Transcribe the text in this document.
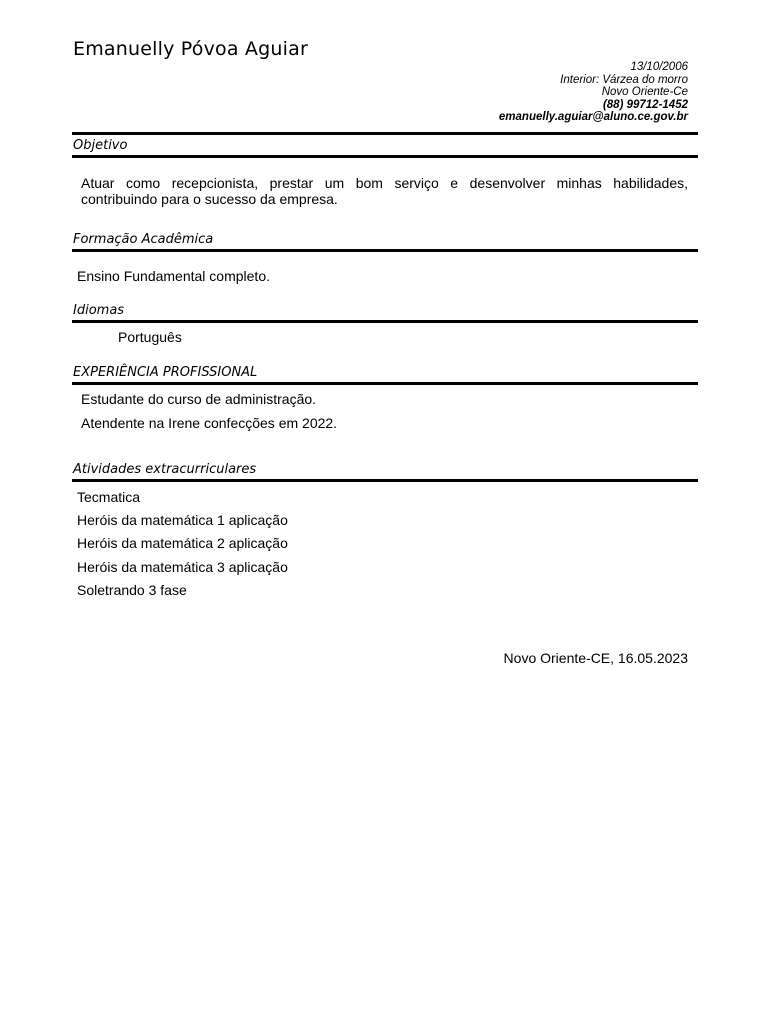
Emanuelly Póvoa Aguiar
13/10/2006
Interior: Várzea do morro
Novo Oriente-Ce
(88) 99712-1452
emanuelly.aguiar@aluno.ce.gov.br
Objetivo
Atuar como recepcionista, prestar um bom serviço e desenvolver minhas habilidades, contribuindo para o sucesso da empresa.
Formação Acadêmica
Ensino Fundamental completo.
Idiomas
Português
EXPERIÊNCIA PROFISSIONAL
Estudante do curso de administração.
Atendente na Irene confecções em 2022.
Atividades extracurriculares
Tecmatica
Heróis da matemática 1 aplicação
Heróis da matemática 2 aplicação
Heróis da matemática 3 aplicação
Soletrando 3 fase
Novo Oriente-CE, 16.05.2023
